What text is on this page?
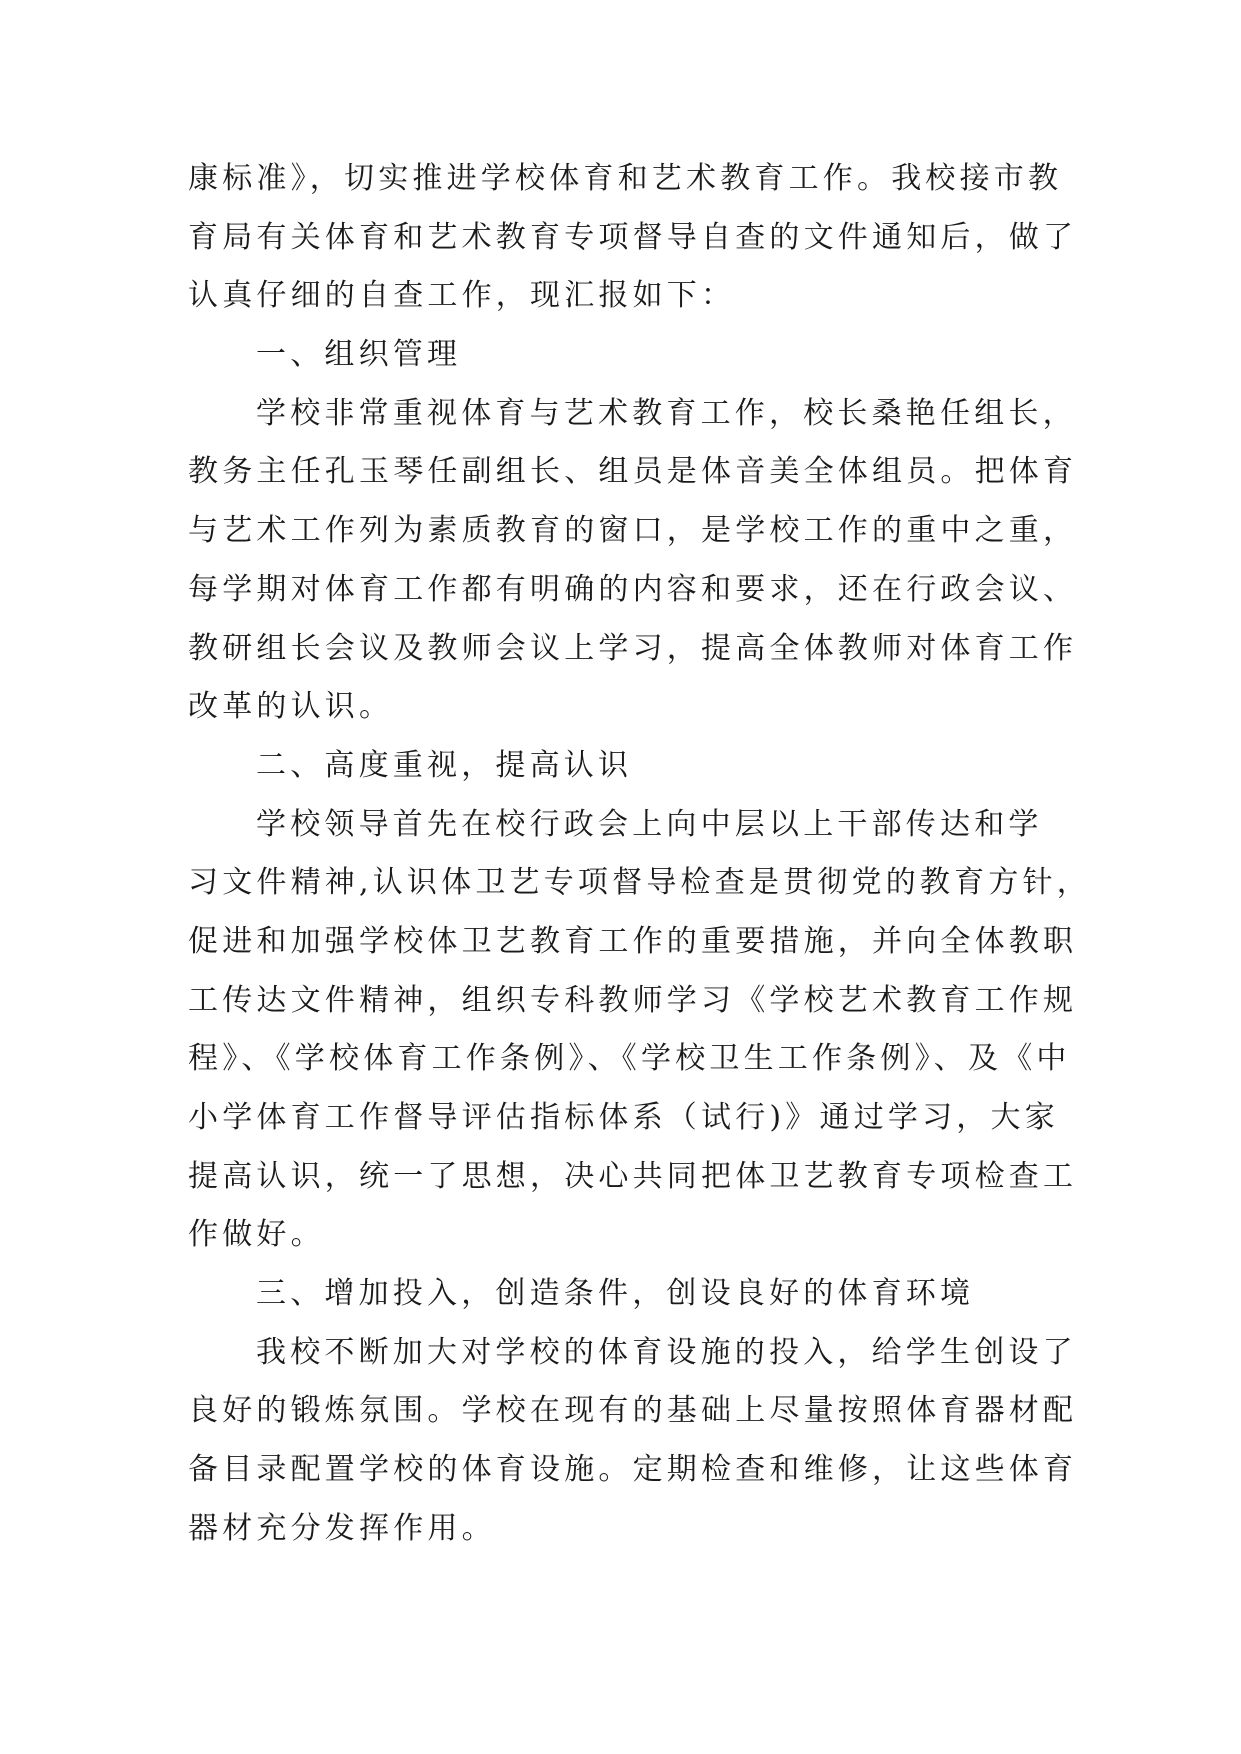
康标准》，切实推进学校体育和艺术教育工作。我校接市教
育局有关体育和艺术教育专项督导自查的文件通知后，做了
认真仔细的自查工作，现汇报如下：
一、组织管理
学校非常重视体育与艺术教育工作，校长桑艳任组长，
教务主任孔玉琴任副组长、组员是体音美全体组员。把体育
与艺术工作列为素质教育的窗口，是学校工作的重中之重，
每学期对体育工作都有明确的内容和要求，还在行政会议、
教研组长会议及教师会议上学习，提高全体教师对体育工作
改革的认识。
二、高度重视，提高认识
学校领导首先在校行政会上向中层以上干部传达和学
习文件精神,认识体卫艺专项督导检查是贯彻党的教育方针，
促进和加强学校体卫艺教育工作的重要措施，并向全体教职
工传达文件精神，组织专科教师学习《学校艺术教育工作规
程》、《学校体育工作条例》、《学校卫生工作条例》、及《中
小学体育工作督导评估指标体系（试行)》通过学习，大家
提高认识，统一了思想，决心共同把体卫艺教育专项检查工
作做好。
三、增加投入，创造条件，创设良好的体育环境
我校不断加大对学校的体育设施的投入，给学生创设了
良好的锻炼氛围。学校在现有的基础上尽量按照体育器材配
备目录配置学校的体育设施。定期检查和维修，让这些体育
器材充分发挥作用。
